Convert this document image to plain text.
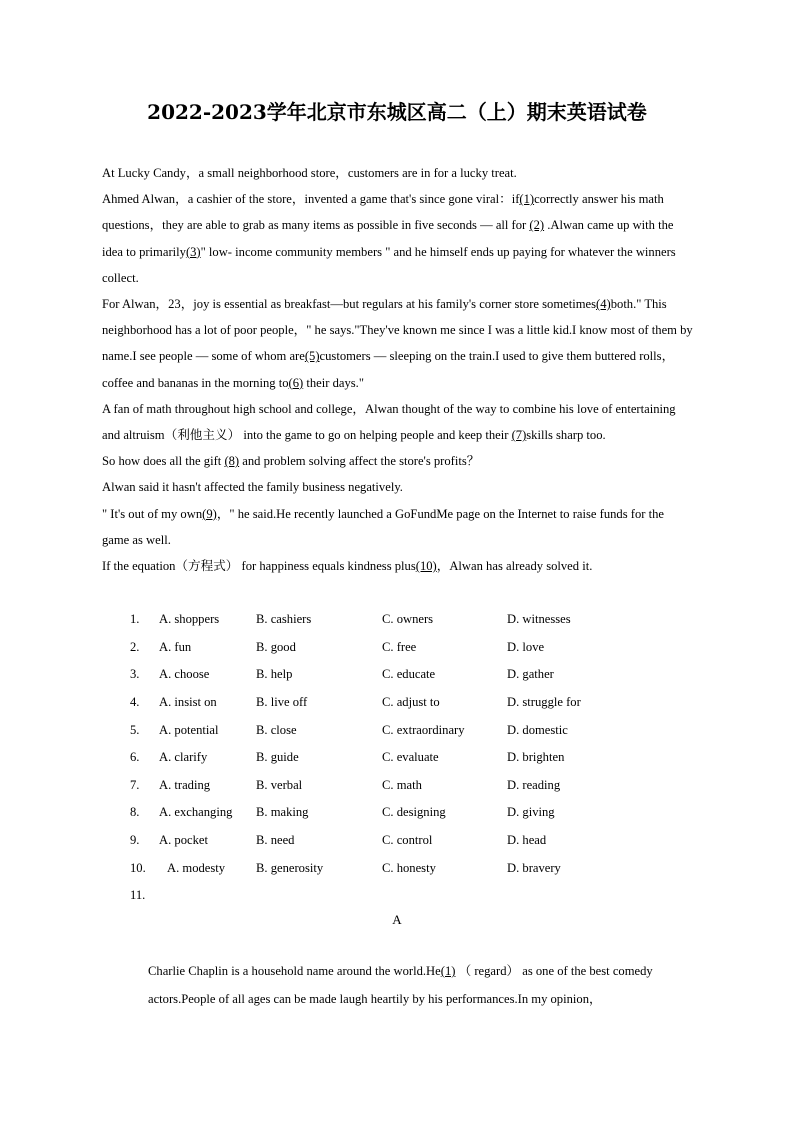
2022-2023学年北京市东城区高二（上）期末英语试卷

At Lucky Candy，a small neighborhood store，customers are in for a lucky treat.

Ahmed Alwan，a cashier of the store，invented a game that's since gone viral：if(1)correctly answer his math questions，they are able to grab as many items as possible in five seconds — all for (2) .Alwan came up with the idea to primarily(3)" low- income community members " and he himself ends up paying for whatever the winners collect.

For Alwan，23，joy is essential as breakfast—but regulars at his family's corner store sometimes(4)both." This neighborhood has a lot of poor people，" he says."They've known me since I was a little kid.I know most of them by name.I see people — some of whom are(5)customers — sleeping on the train.I used to give them buttered rolls，coffee and bananas in the morning to(6) their days."

A fan of math throughout high school and college，Alwan thought of the way to combine his love of entertaining and altruism（利他主义） into the game to go on helping people and keep their (7)skills sharp too.

So how does all the gift (8) and problem solving affect the store's profits？

Alwan said it hasn't affected the family business negatively.

" It's out of my own(9)，" he said.He recently launched a GoFundMe page on the Internet to raise funds for the game as well.

If the equation（方程式） for happiness equals kindness plus(10)，Alwan has already solved it.

1.	A. shoppers	B. cashiers	C. owners	D. witnesses
2.	A. fun	B. good	C. free	D. love
3.	A. choose	B. help	C. educate	D. gather
4.	A. insist on	B. live off	C. adjust to	D. struggle for
5.	A. potential	B. close	C. extraordinary	D. domestic
6.	A. clarify	B. guide	C. evaluate	D. brighten
7.	A. trading	B. verbal	C. math	D. reading
8.	A. exchanging	B. making	C. designing	D. giving
9.	A. pocket	B. need	C. control	D. head
10.	A. modesty	B. generosity	C. honesty	D. bravery
11.
A

Charlie Chaplin is a household name around the world.He(1) （ regard） as one of the best comedy actors.People of all ages can be made laugh heartily by his performances.In my opinion，
